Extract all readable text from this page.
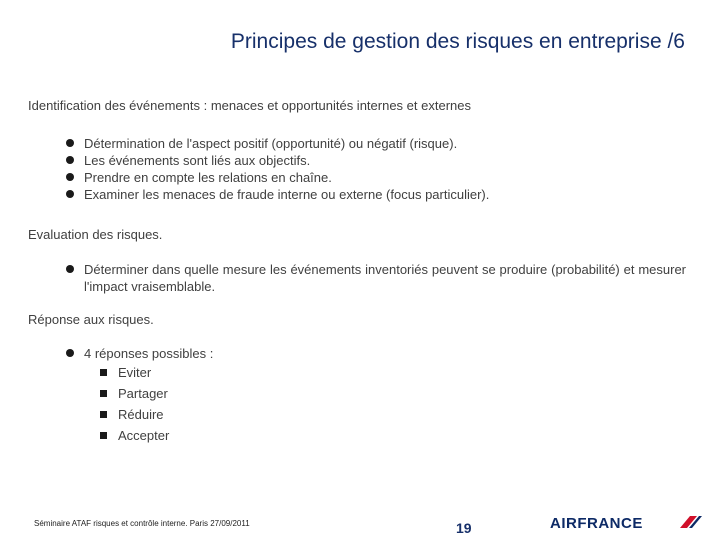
Principes de gestion des risques en entreprise /6
Identification des événements : menaces et opportunités internes et externes
Détermination de l'aspect positif (opportunité) ou négatif (risque).
Les événements sont liés aux objectifs.
Prendre en compte les relations en chaîne.
Examiner les menaces de fraude interne ou externe (focus particulier).
Evaluation des risques.
Déterminer dans quelle mesure les événements inventoriés peuvent se produire (probabilité) et mesurer l'impact vraisemblable.
Réponse aux risques.
4 réponses possibles :
Eviter
Partager
Réduire
Accepter
Séminaire ATAF risques et contrôle interne. Paris 27/09/2011	19	AIRFRANCE
